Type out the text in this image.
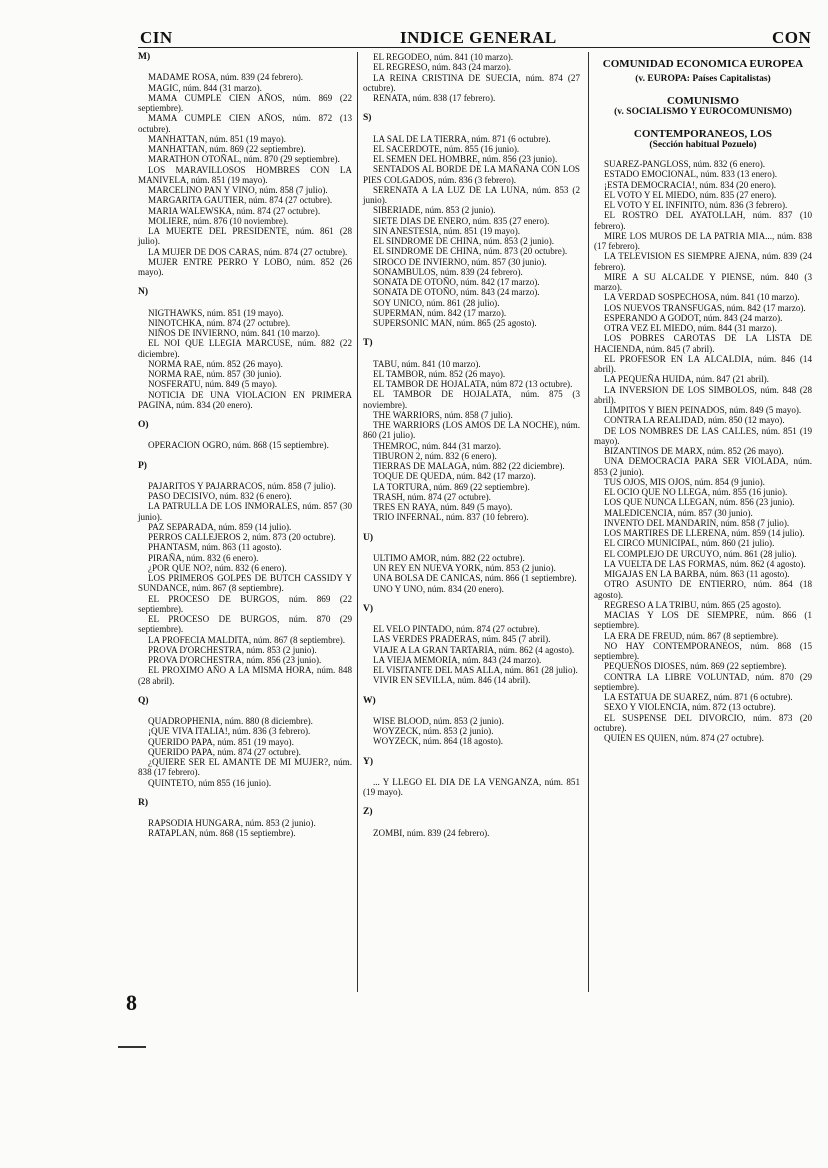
CIN	INDICE GENERAL	CON
M)
MADAME ROSA, núm. 839 (24 febrero).
MAGIC, núm. 844 (31 marzo).
MAMA CUMPLE CIEN AÑOS, núm. 869 (22 septiembre).
MAMA CUMPLE CIEN AÑOS, núm. 872 (13 octubre).
MANHATTAN, núm. 851 (19 mayo).
MANHATTAN, núm. 869 (22 septiembre).
MARATHON OTOÑAL, núm. 870 (29 septiembre).
LOS MARAVILLOSOS HOMBRES CON LA MANIVELA, núm. 851 (19 mayo).
MARCELINO PAN Y VINO, núm. 858 (7 julio).
MARGARITA GAUTIER, núm. 874 (27 octubre).
MARIA WALEWSKA, núm. 874 (27 octubre).
MOLIERE, núm. 876 (10 noviembre).
LA MUERTE DEL PRESIDENTE, núm. 861 (28 julio).
LA MUJER DE DOS CARAS, núm. 874 (27 octubre).
MUJER ENTRE PERRO Y LOBO, núm. 852 (26 mayo).
N)
NIGTHAWKS, núm. 851 (19 mayo).
NINOTCHKA, núm. 874 (27 octubre).
NIÑOS DE INVIERNO, núm. 841 (10 marzo).
EL NOI QUE LLEGIA MARCUSE, núm. 882 (22 diciembre).
NORMA RAE, núm. 852 (26 mayo).
NORMA RAE, núm. 857 (30 junio).
NOSFERATU, núm. 849 (5 mayo).
NOTICIA DE UNA VIOLACION EN PRIMERA PAGINA, núm. 834 (20 enero).
O)
OPERACION OGRO, núm. 868 (15 septiembre).
P)
PAJARITOS Y PAJARRACOS, núm. 858 (7 julio).
PASO DECISIVO, núm. 832 (6 enero).
LA PATRULLA DE LOS INMORALES, núm. 857 (30 junio).
PAZ SEPARADA, núm. 859 (14 julio).
PERROS CALLEJEROS 2, núm. 873 (20 octubre).
PHANTASM, núm. 863 (11 agosto).
PIRAÑA, núm. 832 (6 enero).
¿POR QUE NO?, núm. 832 (6 enero).
LOS PRIMEROS GOLPES DE BUTCH CASSIDY Y SUNDANCE, núm. 867 (8 septiembre).
EL PROCESO DE BURGOS, núm. 869 (22 septiembre).
EL PROCESO DE BURGOS, núm. 870 (29 septiembre).
LA PROFECIA MALDITA, núm. 867 (8 septiembre).
PROVA D'ORCHESTRA, núm. 853 (2 junio).
PROVA D'ORCHESTRA, núm. 856 (23 junio).
EL PROXIMO AÑO A LA MISMA HORA, núm. 848 (28 abril).
Q)
QUADROPHENIA, núm. 880 (8 diciembre).
¡QUE VIVA ITALIA!, núm. 836 (3 febrero).
QUERIDO PAPA, núm. 851 (19 mayo).
QUERIDO PAPA, núm. 874 (27 octubre).
¿QUIERE SER EL AMANTE DE MI MUJER?, núm. 838 (17 febrero).
QUINTETO, núm 855 (16 junio).
R)
RAPSODIA HUNGARA, núm. 853 (2 junio).
RATAPLAN, núm. 868 (15 septiembre).
EL REGODEO, núm. 841 (10 marzo).
EL REGRESO, núm. 843 (24 marzo).
LA REINA CRISTINA DE SUECIA, núm. 874 (27 octubre).
RENATA, núm. 838 (17 febrero).
S)
LA SAL DE LA TIERRA, núm. 871 (6 octubre).
EL SACERDOTE, núm. 855 (16 junio).
EL SEMEN DEL HOMBRE, núm. 856 (23 junio).
SENTADOS AL BORDE DE LA MAÑANA CON LOS PIES COLGADOS, núm. 836 (3 febrero).
SERENATA A LA LUZ DE LA LUNA, núm. 853 (2 junio).
SIBERIADE, núm. 853 (2 junio).
SIETE DIAS DE ENERO, núm. 835 (27 enero).
SIN ANESTESIA, núm. 851 (19 mayo).
EL SINDROME DE CHINA, núm. 853 (2 junio).
EL SINDROME DE CHINA, núm. 873 (20 octubre).
SIROCO DE INVIERNO, núm. 857 (30 junio).
SONAMBULOS, núm. 839 (24 febrero).
SONATA DE OTOÑO, núm. 842 (17 marzo).
SONATA DE OTOÑO, núm. 843 (24 marzo).
SOY UNICO, núm. 861 (28 julio).
SUPERMAN, núm. 842 (17 marzo).
SUPERSONIC MAN, núm. 865 (25 agosto).
T)
TABU, núm. 841 (10 marzo).
EL TAMBOR, núm. 852 (26 mayo).
EL TAMBOR DE HOJALATA, núm 872 (13 octubre).
EL TAMBOR DE HOJALATA, núm. 875 (3 noviembre).
THE WARRIORS, núm. 858 (7 julio).
THE WARRIORS (LOS AMOS DE LA NOCHE), núm. 860 (21 julio).
THEMROC, núm. 844 (31 marzo).
TIBURON 2, núm. 832 (6 enero).
TIERRAS DE MALAGA, núm. 882 (22 diciembre).
TOQUE DE QUEDA, núm. 842 (17 marzo).
LA TORTURA, núm. 869 (22 septiembre).
TRASH, núm. 874 (27 octubre).
TRES EN RAYA, núm. 849 (5 mayo).
TRIO INFERNAL, núm. 837 (10 febrero).
U)
ULTIMO AMOR, núm. 882 (22 octubre).
UN REY EN NUEVA YORK, núm. 853 (2 junio).
UNA BOLSA DE CANICAS, núm. 866 (1 septiembre).
UNO Y UNO, núm. 834 (20 enero).
V)
EL VELO PINTADO, núm. 874 (27 octubre).
LAS VERDES PRADERAS, núm. 845 (7 abril).
VIAJE A LA GRAN TARTARIA, núm. 862 (4 agosto).
LA VIEJA MEMORIA, núm. 843 (24 marzo).
EL VISITANTE DEL MAS ALLA, núm. 861 (28 julio).
VIVIR EN SEVILLA, núm. 846 (14 abril).
W)
WISE BLOOD, núm. 853 (2 junio).
WOYZECK, núm. 853 (2 junio).
WOYZECK, núm. 864 (18 agosto).
Y)
... Y LLEGO EL DIA DE LA VENGANZA, núm. 851 (19 mayo).
Z)
ZOMBI, núm. 839 (24 febrero).
COMUNIDAD ECONOMICA EUROPEA
(v. EUROPA: Países Capitalistas)
COMUNISMO
(v. SOCIALISMO Y EUROCOMUNISMO)
CONTEMPORANEOS, LOS
(Sección habitual Pozuelo)
SUAREZ-PANGLOSS, núm. 832 (6 enero).
ESTADO EMOCIONAL, núm. 833 (13 enero).
¡ESTA DEMOCRACIA!, núm. 834 (20 enero).
EL VOTO Y EL MIEDO, núm. 835 (27 enero).
EL VOTO Y EL INFINITO, núm. 836 (3 febrero).
EL ROSTRO DEL AYATOLLAH, núm. 837 (10 febrero).
MIRE LOS MUROS DE LA PATRIA MIA..., núm. 838 (17 febrero).
LA TELEVISION ES SIEMPRE AJENA, núm. 839 (24 febrero).
MIRE A SU ALCALDE Y PIENSE, núm. 840 (3 marzo).
LA VERDAD SOSPECHOSA, núm. 841 (10 marzo).
LOS NUEVOS TRANSFUGAS, núm. 842 (17 marzo).
ESPERANDO A GODOT, núm. 843 (24 marzo).
OTRA VEZ EL MIEDO, núm. 844 (31 marzo).
LOS POBRES CAROTAS DE LA LISTA DE HACIENDA, núm. 845 (7 abril).
EL PROFESOR EN LA ALCALDIA, núm. 846 (14 abril).
LA PEQUEÑA HUIDA, núm. 847 (21 abril).
LA INVERSION DE LOS SIMBOLOS, núm. 848 (28 abril).
LIMPITOS Y BIEN PEINADOS, núm. 849 (5 mayo).
CONTRA LA REALIDAD, núm. 850 (12 mayo).
DE LOS NOMBRES DE LAS CALLES, núm. 851 (19 mayo).
BIZANTINOS DE MARX, núm. 852 (26 mayo).
UNA DEMOCRACIA PARA SER VIOLADA, núm. 853 (2 junio).
TUS OJOS, MIS OJOS, núm. 854 (9 junio).
EL OCIO QUE NO LLEGA, núm. 855 (16 junio).
LOS QUE NUNCA LLEGAN, núm. 856 (23 junio).
MALEDICENCIA, núm. 857 (30 junio).
INVENTO DEL MANDARIN, núm. 858 (7 julio).
LOS MARTIRES DE LLERENA, núm. 859 (14 julio).
EL CIRCO MUNICIPAL, núm. 860 (21 julio).
EL COMPLEJO DE URCUYO, núm. 861 (28 julio).
LA VUELTA DE LAS FORMAS, núm. 862 (4 agosto).
MIGAJAS EN LA BARBA, núm. 863 (11 agosto).
OTRO ASUNTO DE ENTIERRO, núm. 864 (18 agosto).
REGRESO A LA TRIBU, núm. 865 (25 agosto).
MACIAS Y LOS DE SIEMPRE, núm. 866 (1 septiembre).
LA ERA DE FREUD, núm. 867 (8 septiembre).
NO HAY CONTEMPORANEOS, núm. 868 (15 septiembre).
PEQUEÑOS DIOSES, núm. 869 (22 septiembre).
CONTRA LA LIBRE VOLUNTAD, núm. 870 (29 septiembre).
LA ESTATUA DE SUAREZ, núm. 871 (6 octubre).
SEXO Y VIOLENCIA, núm. 872 (13 octubre).
EL SUSPENSE DEL DIVORCIO, núm. 873 (20 octubre).
QUIEN ES QUIEN, núm. 874 (27 octubre).
8
